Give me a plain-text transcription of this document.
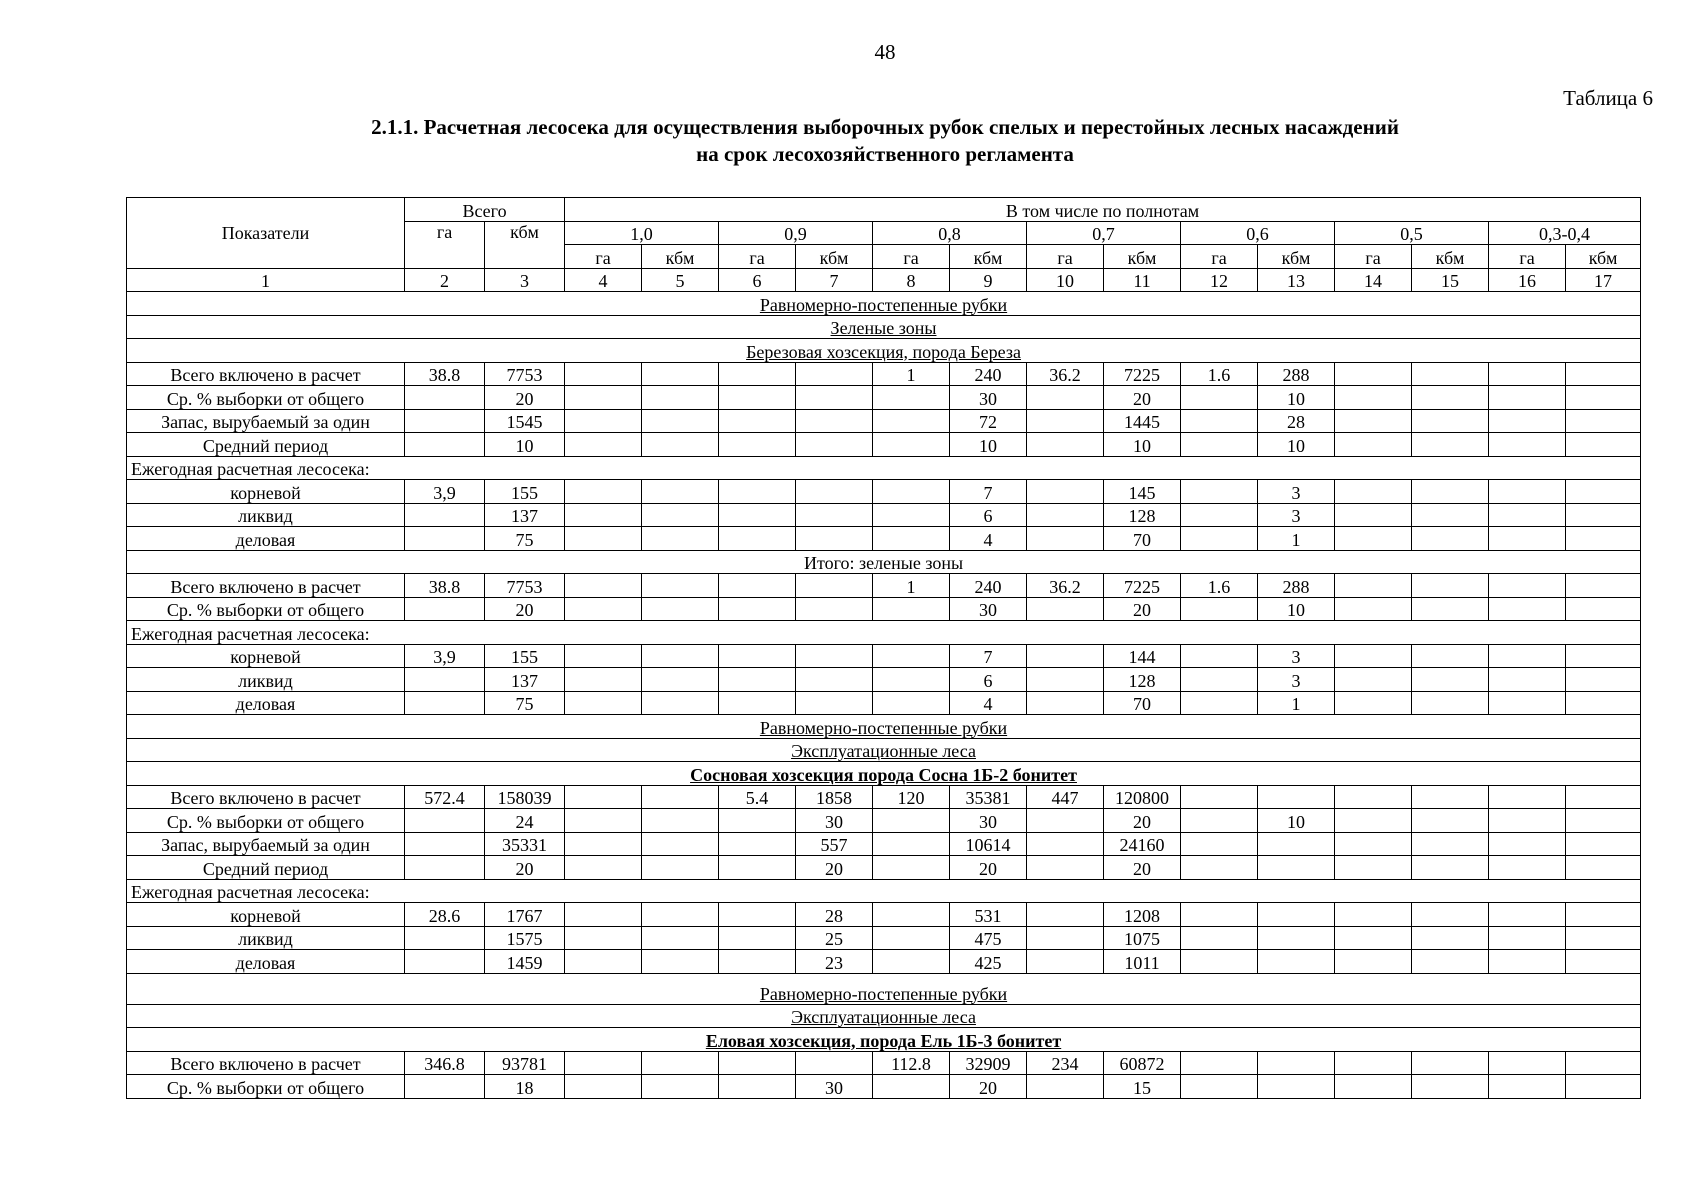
48
Таблица 6
2.1.1. Расчетная лесосека для осуществления выборочных рубок спелых и перестойных лесных насаждений
на срок лесохозяйственного регламента
Показатели	Всего		В том числе по полнотам													
	га	кбм	1,0		0,9		0,8		0,7		0,6		0,5		0,3-0,4	
			га	кбм	га	кбм	га	кбм	га	кбм	га	кбм	га	кбм	га	кбм
1	2	3	4	5	6	7	8	9	10	11	12	13	14	15	16	17
Равномерно-постепенные рубки																
Зеленые зоны																
Березовая хозсекция, порода Береза																
Всего включено в расчет	38.8	7753					1	240	36.2	7225	1.6	288				
Ср. % выборки от общего		20						30		20		10				
Запас, вырубаемый за один		1545						72		1445		28				
Средний период		10						10		10		10				
Ежегодная расчетная лесосека:																
корневой	3,9	155						7		145		3				
ликвид		137						6		128		3				
деловая		75						4		70		1				
Итого: зеленые зоны																
Всего включено в расчет	38.8	7753					1	240	36.2	7225	1.6	288				
Ср. % выборки от общего		20						30		20		10				
Ежегодная расчетная лесосека:																
корневой	3,9	155						7		144		3				
ликвид		137						6		128		3				
деловая		75						4		70		1				
Равномерно-постепенные рубки																
Эксплуатационные леса																
Сосновая хозсекция порода Сосна 1Б-2 бонитет																
Всего включено в расчет	572.4	158039			5.4	1858	120	35381	447	120800						
Ср. % выборки от общего		24				30		30		20		10				
Запас, вырубаемый за один		35331				557		10614		24160						
Средний период		20				20		20		20						
Ежегодная расчетная лесосека:																
корневой	28.6	1767				28		531		1208						
ликвид		1575				25		475		1075						
деловая		1459				23		425		1011						
Равномерно-постепенные рубки																
Эксплуатационные леса																
Еловая хозсекция, порода Ель 1Б-3 бонитет																
Всего включено в расчет	346.8	93781					112.8	32909	234	60872						
Ср. % выборки от общего		18				30		20		15						
